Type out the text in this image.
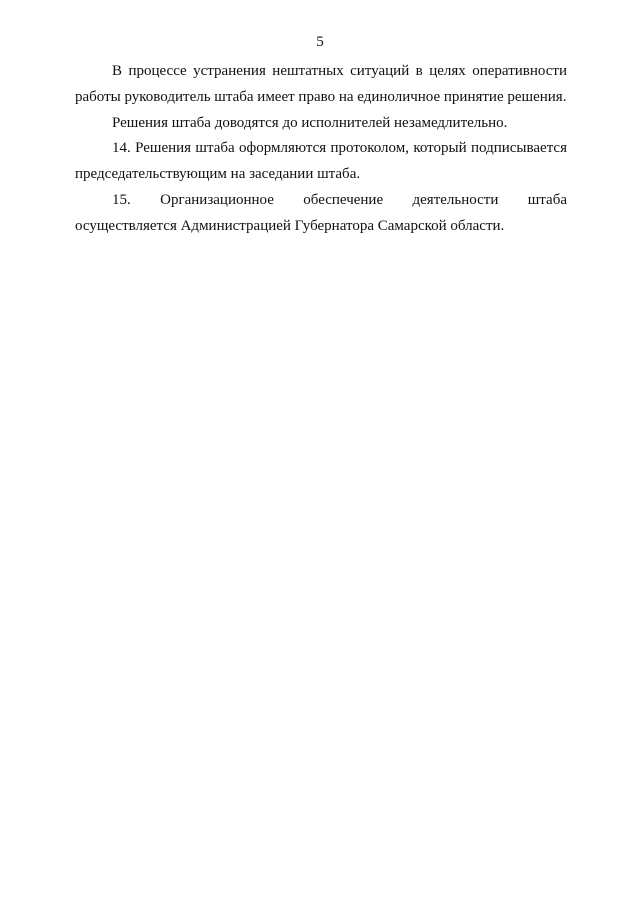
5

В процессе устранения нештатных ситуаций в целях оперативности работы руководитель штаба имеет право на единоличное принятие решения.

Решения штаба доводятся до исполнителей незамедлительно.

14. Решения штаба оформляются протоколом, который подписывается председательствующим на заседании штаба.

15. Организационное обеспечение деятельности штаба осуществляется Администрацией Губернатора Самарской области.
